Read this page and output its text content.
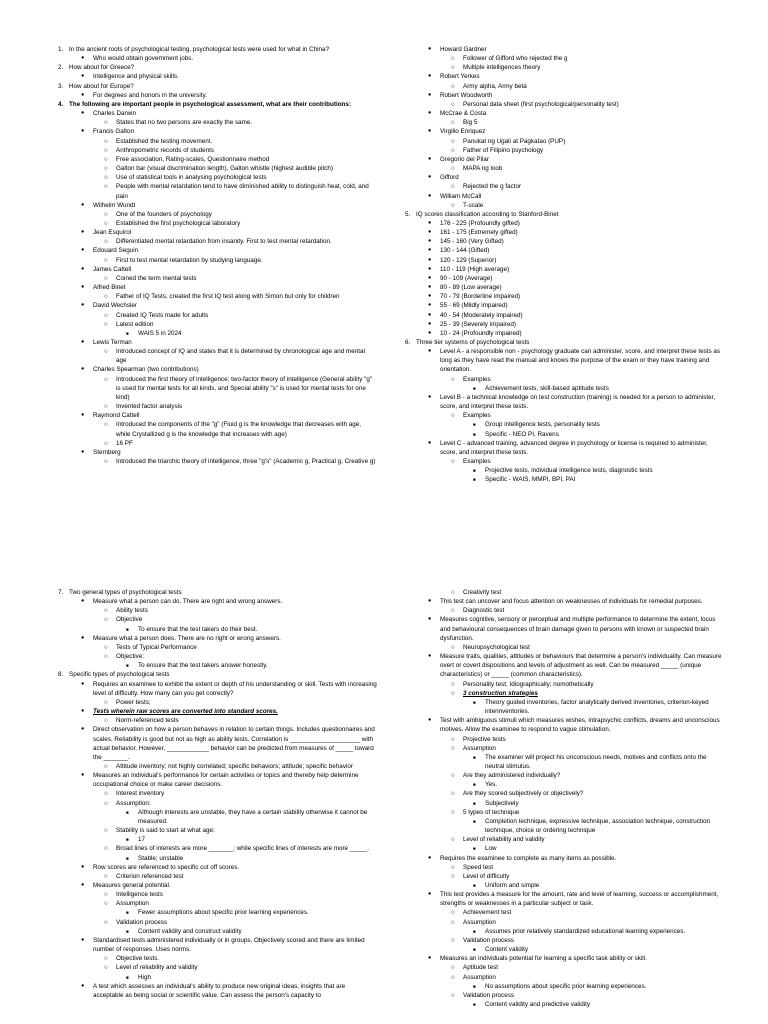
1. In the ancient roots of psychological testing, psychological tests were used for what in China?
● Who would obtain government jobs.
2. How about for Greece?
● Intelligence and physical skills.
3. How about for Europe?
● For degrees and honors in the university.
4. The following are important people in psychological assessment, what are their contributions:
● Charles Darwin
○ States that no two persons are exactly the same.
● Francis Galton
○ Established the testing movement.
○ Anthropometric records of students
○ Free association, Rating-scales, Questionnaire method
○ Galton bar (visual discrimination length), Galton whistle (highest audible pitch)
○ Use of statistical tools in analysing psychological tests
○ People with mental retardation tend to have diminished ability to distinguish heat, cold, and pain
● Wilhelm Wundt
○ One of the founders of psychology
○ Established the first psychological laboratory
● Jean Esquirol
○ Differentiated mental retardation from insanity. First to test mental retardation.
● Edouard Seguin
○ First to test mental retardation by studying language.
● James Cattell
○ Coined the term mental tests
● Alfred Binet
○ Father of IQ Tests, created the first IQ test along with Simon but only for children
● David Wechsler
○ Created IQ Tests made for adults
○ Latest edition
■ WAIS 5 in 2024
● Lewis Terman
○ Introduced concept of IQ and states that it is determined by chronological age and mental age
● Charles Spearman (two contributions)
○ Introduced the first theory of intelligence; two-factor theory of intelligence (General ability "g" is used for mental tests for all kinds, and Special ability "s" is used for mental tests for one kind)
○ Invented factor analysis
● Raymond Cattell
○ Introduced the components of the "g" (Fluid g is the knowledge that decreases with age, while Crystallized g is the knowledge that increases with age)
○ 16 PF
● Sternberg
○ Introduced the triarchic theory of intelligence, three "g's" (Academic g, Practical g, Creative g)
● Howard Gardner
○ Follower of Gifford who rejected the g
○ Multiple intelligences theory
● Robert Yerkes
○ Army alpha, Army beta
● Robert Woodworth
○ Personal data sheet (first psychological/personality test)
● McCrae & Costa
○ Big 5
● Virgilio Enriquez
○ Panukat ng Ugali at Pagkatao (PUP)
○ Father of Filipino psychology
● Gregorio del Pilar
○ MAPA ng loob
● Gifford
○ Rejected the g factor
● William McCall
○ T-scale
5. IQ scores classification according to Stanford-Binet
● 176 - 225 (Profoundly gifted)
● 161 - 175 (Extremely gifted)
● 145 - 160 (Very Gifted)
● 130 - 144 (Gifted)
● 120 - 129 (Superior)
● 110 - 119 (High average)
● 90 - 109 (Average)
● 80 - 89 (Low average)
● 70 - 79 (Borderline impaired)
● 55 - 69 (Mildly impaired)
● 40 - 54 (Moderately impaired)
● 25 - 39 (Severely impaired)
● 10 - 24 (Profoundly impaired)
6. Three tier systems of psychological tests
● Level A - a responsible non - psychology graduate can administer, score, and interpret these tests as long as they have read the manual and knows the purpose of the exam or they have training and orientation.
○ Examples
■ Achievement tests, skill-based aptitude tests
● Level B - a technical knowledge on test construction (training) is needed for a person to administer, score, and interpret these tests.
○ Examples
■ Group intelligence tests, personality tests
■ Specific - NEO PI, Ravens
● Level C - advanced training, advanced degree in psychology or license is required to administer, score, and interpret these tests.
○ Examples
■ Projective tests, individual intelligence tests, diagnostic tests
■ Specific - WAIS, MMPI, BPI, PAI
7. Two general types of psychological tests
● Measure what a person can do. There are right and wrong answers.
○ Ability tests
○ Objective
■ To ensure that the test takers do their best.
● Measure what a person does. There are no right or wrong answers.
○ Tests of Typical Performance
○ Objective:
■ To ensure that the test takers answer honestly.
8. Specific types of psychological tests
● Requires an examinee to exhibit the extent or depth of his understanding or skill. Tests with increasing level of difficulty. How many can you get correctly?
○ Power tests;
● Tests wherein raw scores are converted into standard scores.
○ Norm-referenced tests
● Direct observation on how a person behaves in relation to certain things. Includes questionnaires and scales. Reliability is good but not as high as ability tests. Correlation is ____________________ with actual behavior. However, ____________ behavior can be predicted from measures of _____ toward the _______.
○ Attitude inventory; not highly correlated; specific behaviors; attitude; specific behavior
● Measures an individual's performance for certain activities or topics and thereby help determine occupational choice or make career decisions.
○ Interest inventory
○ Assumption:
■ Although interests are unstable, they have a certain stability otherwise it cannot be measured.
○ Stability is said to start at what age:
■ 17
○ Broad lines of interests are more _______; while specific lines of interests are more _____.
■ Stable; unstable
● Row scores are referenced to specific cut off scores.
○ Criterion referenced test
● Measures general potential.
○ Intelligence tests
○ Assumption
■ Fewer assumptions about specific prior learning experiences.
○ Validation process
■ Content validity and construct validity
● Standardised tests administered individually or in groups. Objectively scored and there are limited number of responses. Uses norms.
○ Objective tests.
○ Level of reliability and validity
■ High
● A test which assesses an individual's ability to produce new original ideas, insights that are acceptable as being social or scientific value. Can assess the person's capacity to
○ Creativity test
● This test can uncover and focus attention on weaknesses of individuals for remedial purposes.
○ Diagnostic test
● Measures cognitive, sensory or perceptual and multiple performance to determine the extent, locus and behavioural consequences of brain damage given to persons with known or suspected brain dysfunction.
○ Neuropsychological test
● Measure traits, qualities, attitudes or behaviours that determine a person's individuality. Can measure overt or covert dispositions and levels of adjustment as well. Can be measured _____ (unique characteristics) or _____ (common characteristics).
○ Personality test; Idiographically; nomothetically
○ 3 construction strategies
■ Theory guided inventories, factor analytically derived inventories, criterion-keyed interinventories.
● Test with ambiguous stimuli which measures wishes, intrapsychic conflicts, dreams and unconscious motives. Allow the examinee to respond to vague stimulation.
○ Projective tests
○ Assumption
■ The examiner will project his unconscious needs, motives and conflicts onto the neutral stimulus.
○ Are they administered individually?
■ Yes.
○ Are they scored subjectively or objectively?
■ Subjectively
○ 5 types of technique
■ Completion technique, expressive technique, association technique, construction technique, choice or ordering technique
○ Level of reliability and validity
■ Low
● Requires the examinee to complete as many items as possible.
○ Speed test
○ Level of difficulty
■ Uniform and simple
● This test provides a measure for the amount, rate and level of learning, success or accomplishment, strengths or weaknesses in a particular subject or task.
○ Achievement test
○ Assumption
■ Assumes prior relatively standardized educational learning experiences.
○ Validation process
■ Content validity
● Measures an individuals potential for learning a specific task ability or skill.
○ Aptitude test
○ Assumption
■ No assumptions about specific prior learning experiences.
○ Validation process
■ Content validity and predictive validity
